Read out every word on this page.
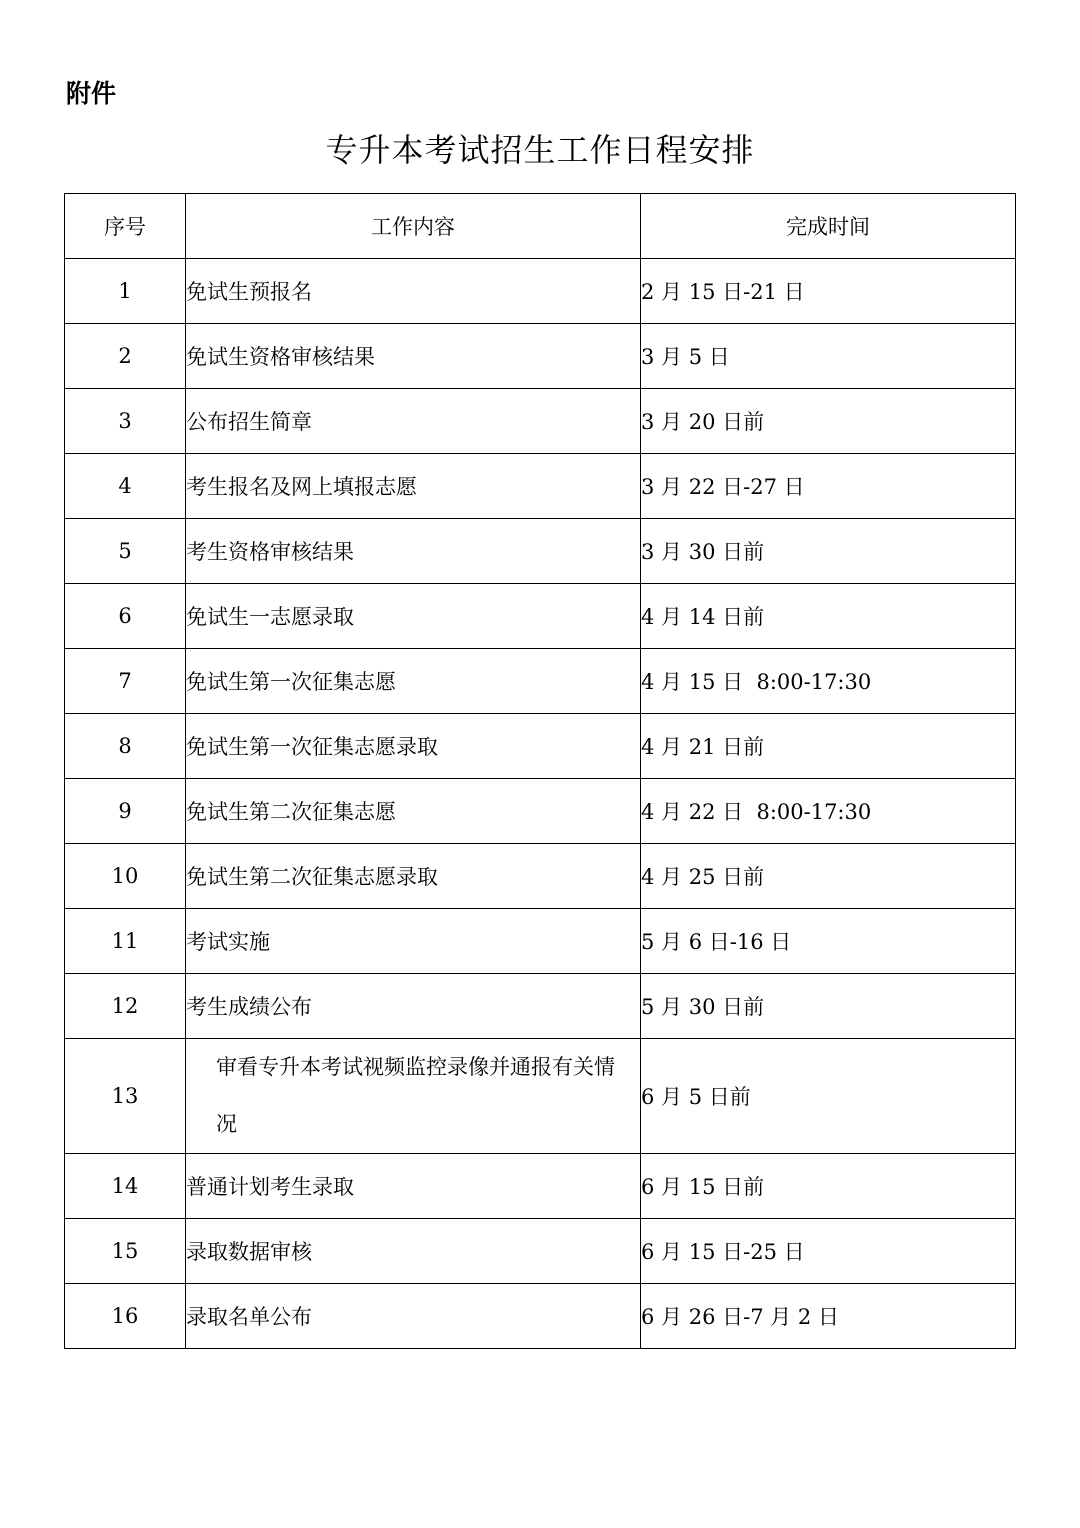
附件
专升本考试招生工作日程安排
序号	工作内容	完成时间
1	免试生预报名	2 月 15 日-21 日
2	免试生资格审核结果	3 月 5 日
3	公布招生简章	3 月 20 日前
4	考生报名及网上填报志愿	3 月 22 日-27 日
5	考生资格审核结果	3 月 30 日前
6	免试生一志愿录取	4 月 14 日前
7	免试生第一次征集志愿	4 月 15 日  8:00-17:30
8	免试生第一次征集志愿录取	4 月 21 日前
9	免试生第二次征集志愿	4 月 22 日  8:00-17:30
10	免试生第二次征集志愿录取	4 月 25 日前
11	考试实施	5 月 6 日-16 日
12	考生成绩公布	5 月 30 日前
13	审看专升本考试视频监控录像并通报有关情况	6 月 5 日前
14	普通计划考生录取	6 月 15 日前
15	录取数据审核	6 月 15 日-25 日
16	录取名单公布	6 月 26 日-7 月 2 日
